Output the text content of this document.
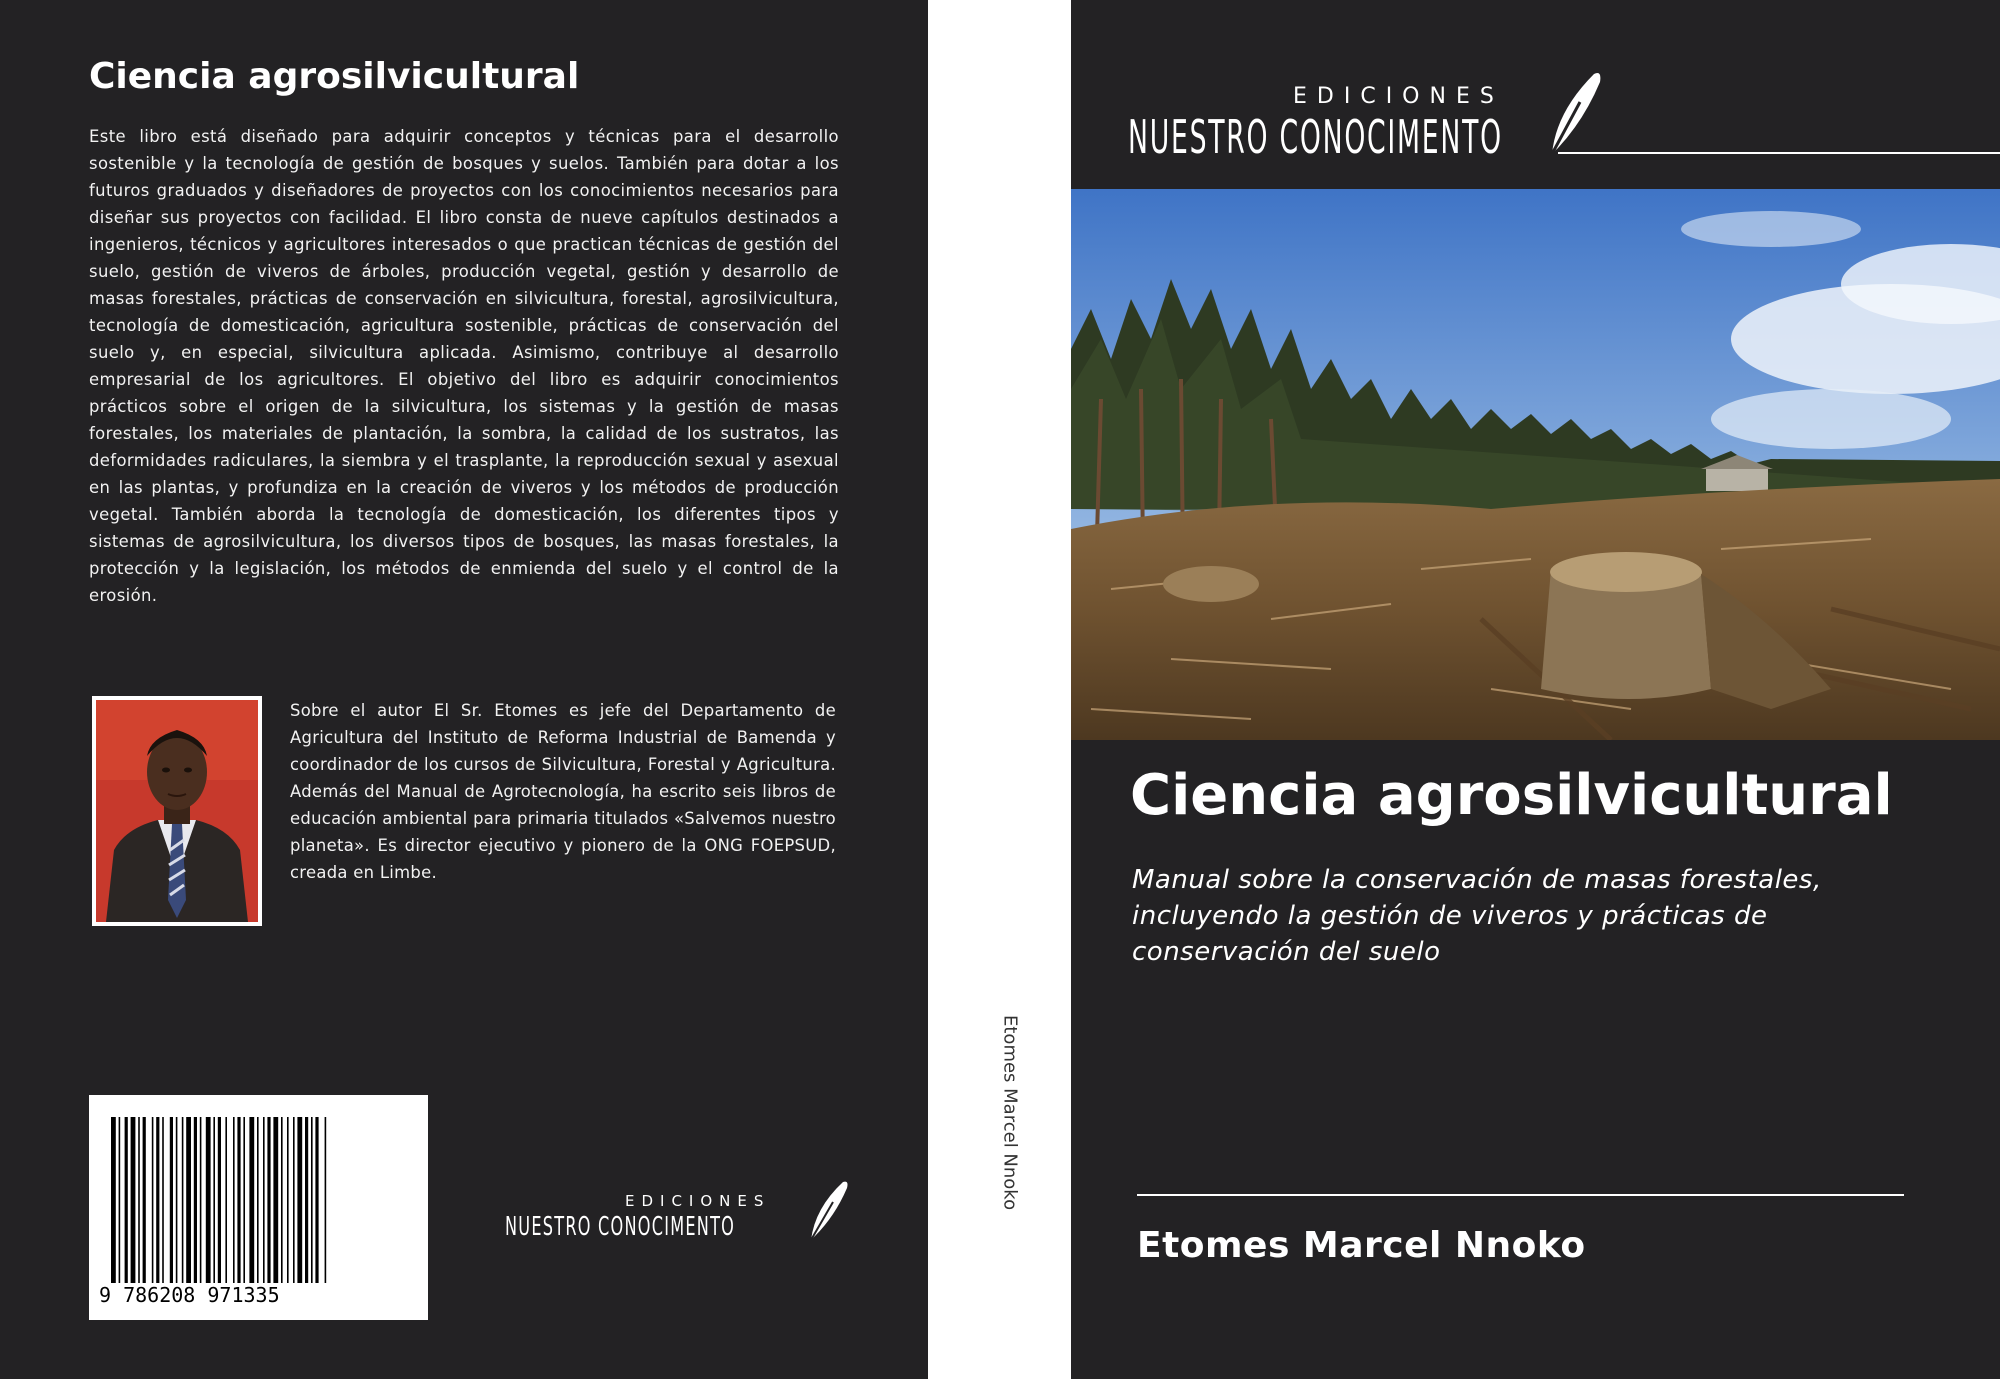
Ciencia agrosilvicultural
Este libro está diseñado para adquirir conceptos y técnicas para el desarrollo sostenible y la tecnología de gestión de bosques y suelos. También para dotar a los futuros graduados y diseñadores de proyectos con los conocimientos necesarios para diseñar sus proyectos con facilidad. El libro consta de nueve capítulos destinados a ingenieros, técnicos y agricultores interesados o que practican técnicas de gestión del suelo, gestión de viveros de árboles, producción vegetal, gestión y desarrollo de masas forestales, prácticas de conservación en silvicultura, forestal, agrosilvicultura, tecnología de domesticación, agricultura sostenible, prácticas de conservación del suelo y, en especial, silvicultura aplicada. Asimismo, contribuye al desarrollo empresarial de los agricultores. El objetivo del libro es adquirir conocimientos prácticos sobre el origen de la silvicultura, los sistemas y la gestión de masas forestales, los materiales de plantación, la sombra, la calidad de los sustratos, las deformidades radiculares, la siembra y el trasplante, la reproducción sexual y asexual en las plantas, y profundiza en la creación de viveros y los métodos de producción vegetal. También aborda la tecnología de domesticación, los diferentes tipos y sistemas de agrosilvicultura, los diversos tipos de bosques, las masas forestales, la protección y la legislación, los métodos de enmienda del suelo y el control de la erosión.
Sobre el autor El Sr. Etomes es jefe del Departamento de Agricultura del Instituto de Reforma Industrial de Bamenda y coordinador de los cursos de Silvicultura, Forestal y Agricultura. Además del Manual de Agrotecnología, ha escrito seis libros de educación ambiental para primaria titulados «Salvemos nuestro planeta». Es director ejecutivo y pionero de la ONG FOEPSUD, creada en Limbe.
9 786208 971335
EDICIONES
NUESTRO CONOCIMENTO
Etomes Marcel Nnoko
EDICIONES
NUESTRO CONOCIMENTO
Ciencia agrosilvicultural
Manual sobre la conservación de masas forestales, incluyendo la gestión de viveros y prácticas de conservación del suelo
Etomes Marcel Nnoko
